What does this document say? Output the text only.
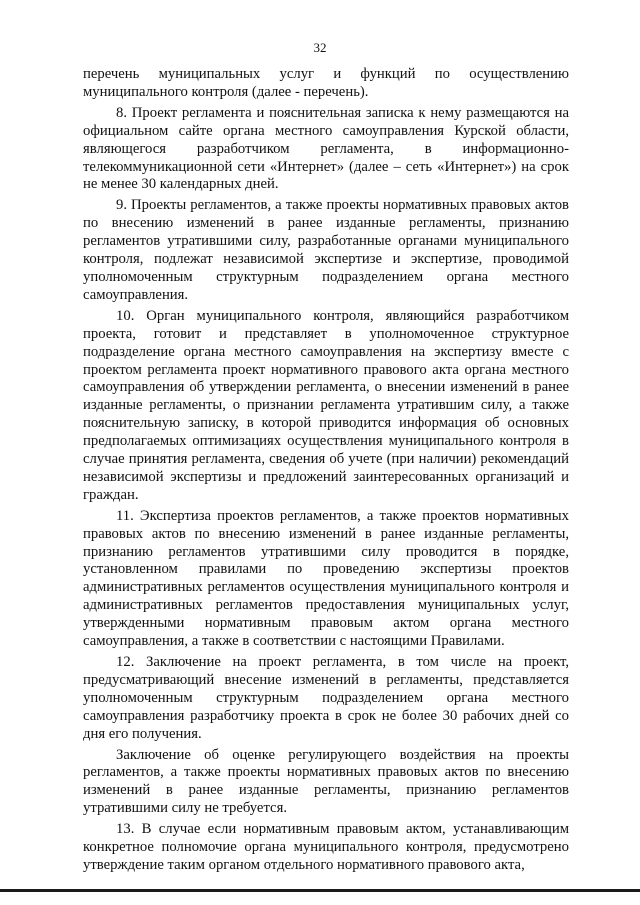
32

перечень муниципальных услуг и функций по осуществлению муниципального контроля (далее - перечень).

8. Проект регламента и пояснительная записка к нему размещаются на официальном сайте органа местного самоуправления Курской области, являющегося разработчиком регламента, в информационно-телекоммуникационной сети «Интернет» (далее – сеть «Интернет») на срок не менее 30 календарных дней.

9. Проекты регламентов, а также проекты нормативных правовых актов по внесению изменений в ранее изданные регламенты, признанию регламентов утратившими силу, разработанные органами муниципального контроля, подлежат независимой экспертизе и экспертизе, проводимой уполномоченным структурным подразделением органа местного самоуправления.

10. Орган муниципального контроля, являющийся разработчиком проекта, готовит и представляет в уполномоченное структурное подразделение органа местного самоуправления на экспертизу вместе с проектом регламента проект нормативного правового акта органа местного самоуправления об утверждении регламента, о внесении изменений в ранее изданные регламенты, о признании регламента утратившим силу, а также пояснительную записку, в которой приводится информация об основных предполагаемых оптимизациях осуществления муниципального контроля в случае принятия регламента, сведения об учете (при наличии) рекомендаций независимой экспертизы и предложений заинтересованных организаций и граждан.

11. Экспертиза проектов регламентов, а также проектов нормативных правовых актов по внесению изменений в ранее изданные регламенты, признанию регламентов утратившими силу проводится в порядке, установленном правилами по проведению экспертизы проектов административных регламентов осуществления муниципального контроля и административных регламентов предоставления муниципальных услуг, утвержденными нормативным правовым актом органа местного самоуправления, а также в соответствии с настоящими Правилами.

12. Заключение на проект регламента, в том числе на проект, предусматривающий внесение изменений в регламенты, представляется уполномоченным структурным подразделением органа местного самоуправления разработчику проекта в срок не более 30 рабочих дней со дня его получения.

Заключение об оценке регулирующего воздействия на проекты регламентов, а также проекты нормативных правовых актов по внесению изменений в ранее изданные регламенты, признанию регламентов утратившими силу не требуется.

13. В случае если нормативным правовым актом, устанавливающим конкретное полномочие органа муниципального контроля, предусмотрено утверждение таким органом отдельного нормативного правового акта,
